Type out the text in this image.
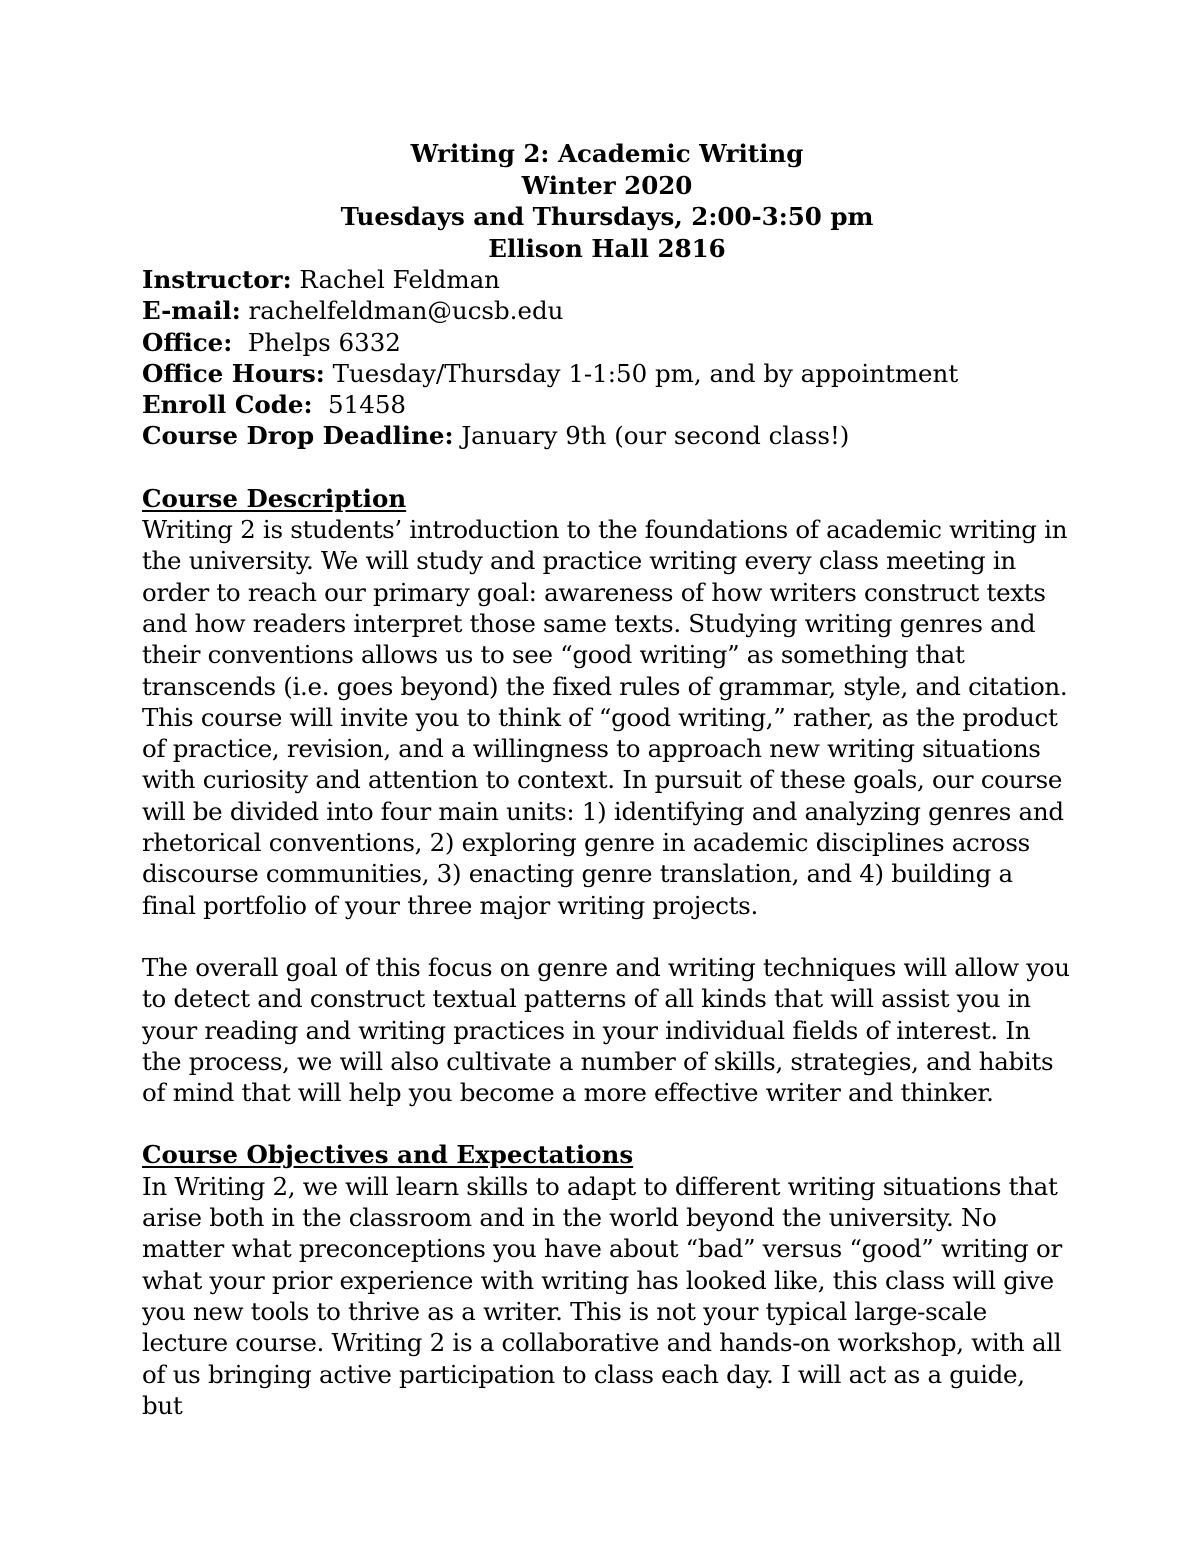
Writing 2: Academic Writing
Winter 2020
Tuesdays and Thursdays, 2:00-3:50 pm
Ellison Hall 2816
Instructor: Rachel Feldman
E-mail: rachelfeldman@ucsb.edu
Office:  Phelps 6332
Office Hours: Tuesday/Thursday 1-1:50 pm, and by appointment
Enroll Code:  51458
Course Drop Deadline: January 9th (our second class!)
Course Description

Writing 2 is students’ introduction to the foundations of academic writing in the university. We will study and practice writing every class meeting in order to reach our primary goal: awareness of how writers construct texts and how readers interpret those same texts. Studying writing genres and their conventions allows us to see “good writing” as something that transcends (i.e. goes beyond) the fixed rules of grammar, style, and citation. This course will invite you to think of “good writing,” rather, as the product of practice, revision, and a willingness to approach new writing situations with curiosity and attention to context. In pursuit of these goals, our course will be divided into four main units: 1) identifying and analyzing genres and rhetorical conventions, 2) exploring genre in academic disciplines across discourse communities, 3) enacting genre translation, and 4) building a final portfolio of your three major writing projects.

The overall goal of this focus on genre and writing techniques will allow you to detect and construct textual patterns of all kinds that will assist you in your reading and writing practices in your individual fields of interest. In the process, we will also cultivate a number of skills, strategies, and habits of mind that will help you become a more effective writer and thinker.

Course Objectives and Expectations

In Writing 2, we will learn skills to adapt to different writing situations that arise both in the classroom and in the world beyond the university. No matter what preconceptions you have about “bad” versus “good” writing or what your prior experience with writing has looked like, this class will give you new tools to thrive as a writer. This is not your typical large-scale lecture course. Writing 2 is a collaborative and hands-on workshop, with all of us bringing active participation to class each day. I will act as a guide, but
